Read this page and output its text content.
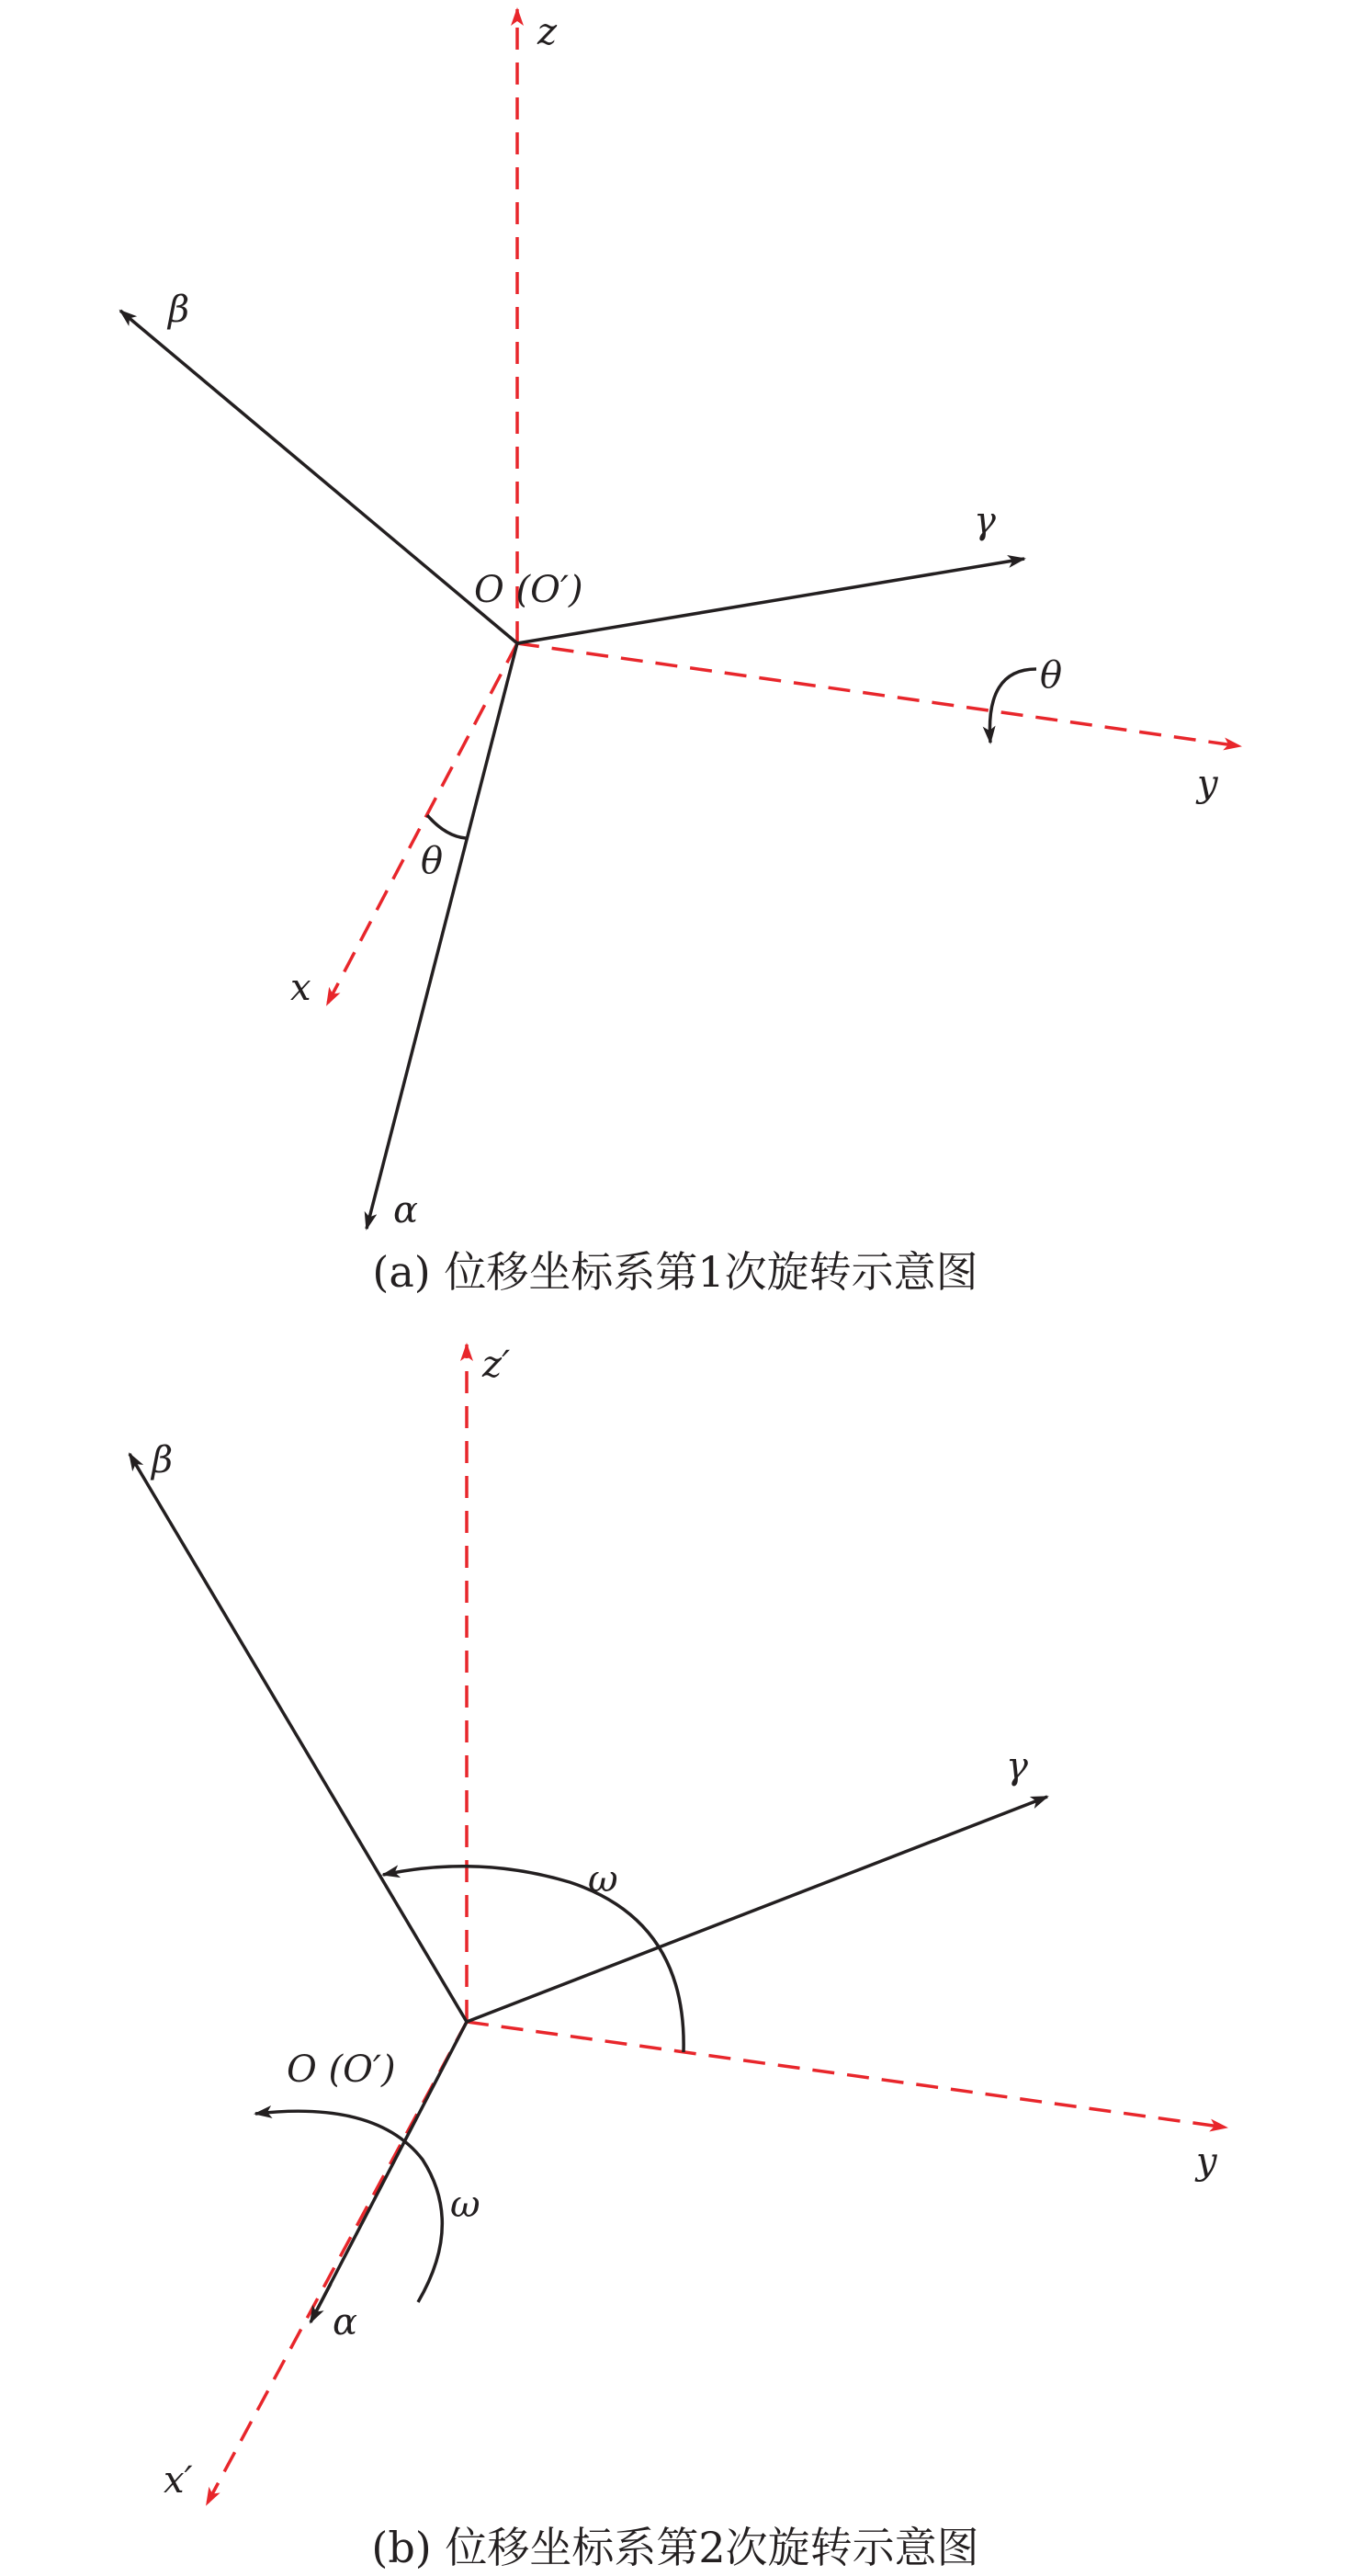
z
β
γ
O (O′)
θ
y
θ
x
α
(a) 位移坐标系第1次旋转示意图
z′
β
γ
ω
O (O′)
y
ω
α
x′
(b) 位移坐标系第2次旋转示意图
